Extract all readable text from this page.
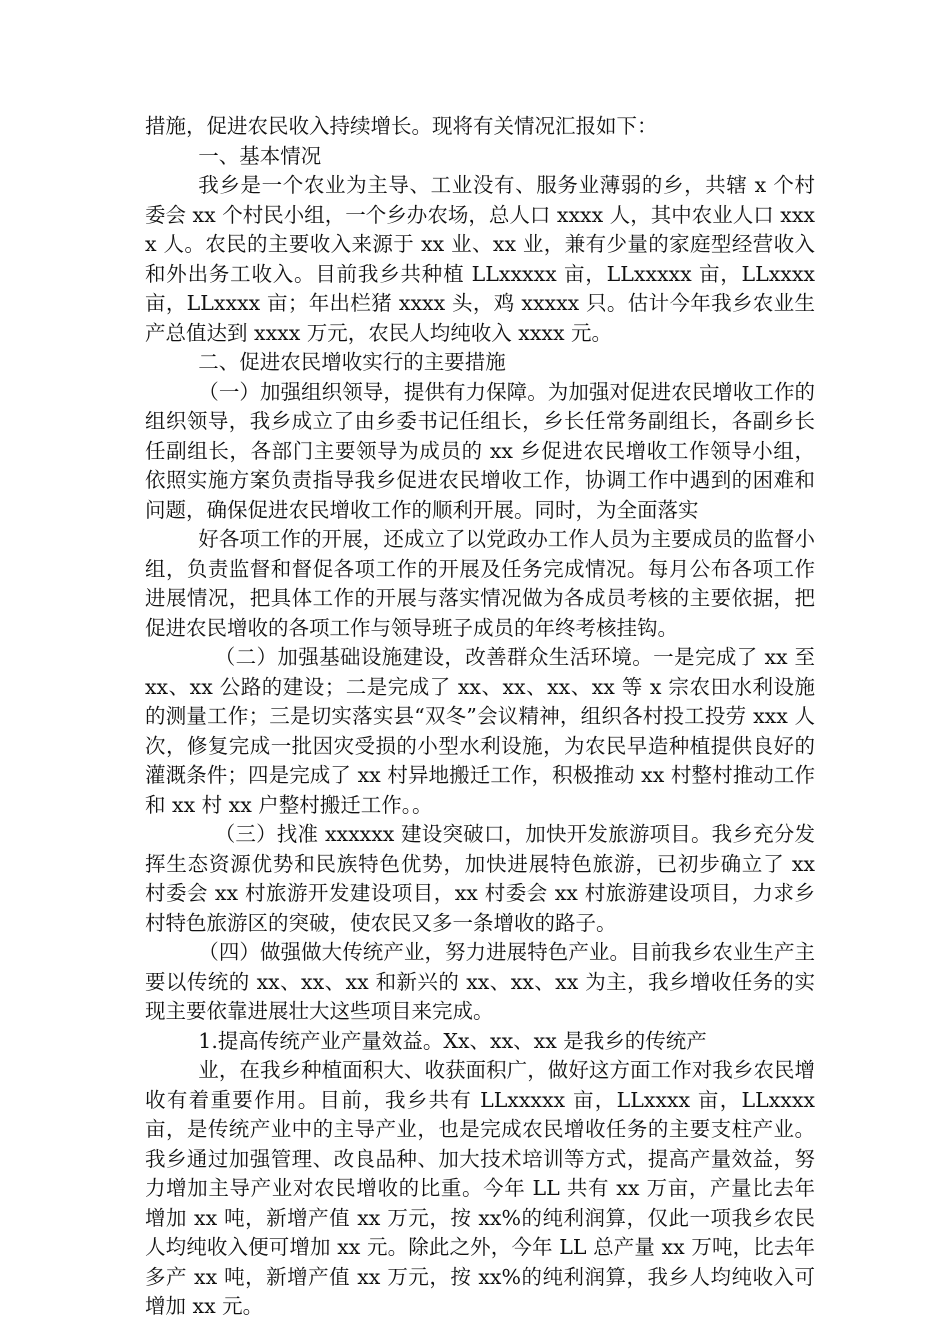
措施，促进农民收入持续增长。现将有关情况汇报如下：

一、基本情况

我乡是一个农业为主导、工业没有、服务业薄弱的乡，共辖 x 个村委会 xx 个村民小组，一个乡办农场，总人口 xxxx 人，其中农业人口 xxxx 人。农民的主要收入来源于 xx 业、xx 业，兼有少量的家庭型经营收入和外出务工收入。目前我乡共种植 LLxxxxx 亩，LLxxxxx 亩，LLxxxx 亩，LLxxxx 亩；年出栏猪 xxxx 头，鸡 xxxxx 只。估计今年我乡农业生产总值达到 xxxx 万元，农民人均纯收入 xxxx 元。

二、促进农民增收实行的主要措施

（一）加强组织领导，提供有力保障。为加强对促进农民增收工作的组织领导，我乡成立了由乡委书记任组长，乡长任常务副组长，各副乡长任副组长，各部门主要领导为成员的 xx 乡促进农民增收工作领导小组，依照实施方案负责指导我乡促进农民增收工作，协调工作中遇到的困难和问题，确保促进农民增收工作的顺利开展。同时，为全面落实

好各项工作的开展，还成立了以党政办工作人员为主要成员的监督小组，负责监督和督促各项工作的开展及任务完成情况。每月公布各项工作进展情况，把具体工作的开展与落实情况做为各成员考核的主要依据，把促进农民增收的各项工作与领导班子成员的年终考核挂钩。

（二）加强基础设施建设，改善群众生活环境。一是完成了 xx 至 xx、xx 公路的建设；二是完成了 xx、xx、xx、xx 等 x 宗农田水利设施的测量工作；三是切实落实县“双冬”会议精神，组织各村投工投劳 xxx 人次，修复完成一批因灾受损的小型水利设施，为农民早造种植提供良好的灌溉条件；四是完成了 xx 村异地搬迁工作，积极推动 xx 村整村推动工作和 xx 村 xx 户整村搬迁工作。。

（三）找准 xxxxxx 建设突破口，加快开发旅游项目。我乡充分发挥生态资源优势和民族特色优势，加快进展特色旅游，已初步确立了 xx 村委会 xx 村旅游开发建设项目，xx 村委会 xx 村旅游建设项目，力求乡村特色旅游区的突破，使农民又多一条增收的路子。

（四）做强做大传统产业，努力进展特色产业。目前我乡农业生产主要以传统的 xx、xx、xx 和新兴的 xx、xx、xx 为主，我乡增收任务的实现主要依靠进展壮大这些项目来完成。

1.提高传统产业产量效益。Xx、xx、xx 是我乡的传统产

业，在我乡种植面积大、收获面积广，做好这方面工作对我乡农民增收有着重要作用。目前，我乡共有 LLxxxxx 亩，LLxxxx 亩，LLxxxx 亩，是传统产业中的主导产业，也是完成农民增收任务的主要支柱产业。我乡通过加强管理、改良品种、加大技术培训等方式，提高产量效益，努力增加主导产业对农民增收的比重。今年 LL 共有 xx 万亩，产量比去年增加 xx 吨，新增产值 xx 万元，按 xx%的纯利润算，仅此一项我乡农民人均纯收入便可增加 xx 元。除此之外，今年 LL 总产量 xx 万吨，比去年多产 xx 吨，新增产值 xx 万元，按 xx%的纯利润算，我乡人均纯收入可增加 xx 元。
